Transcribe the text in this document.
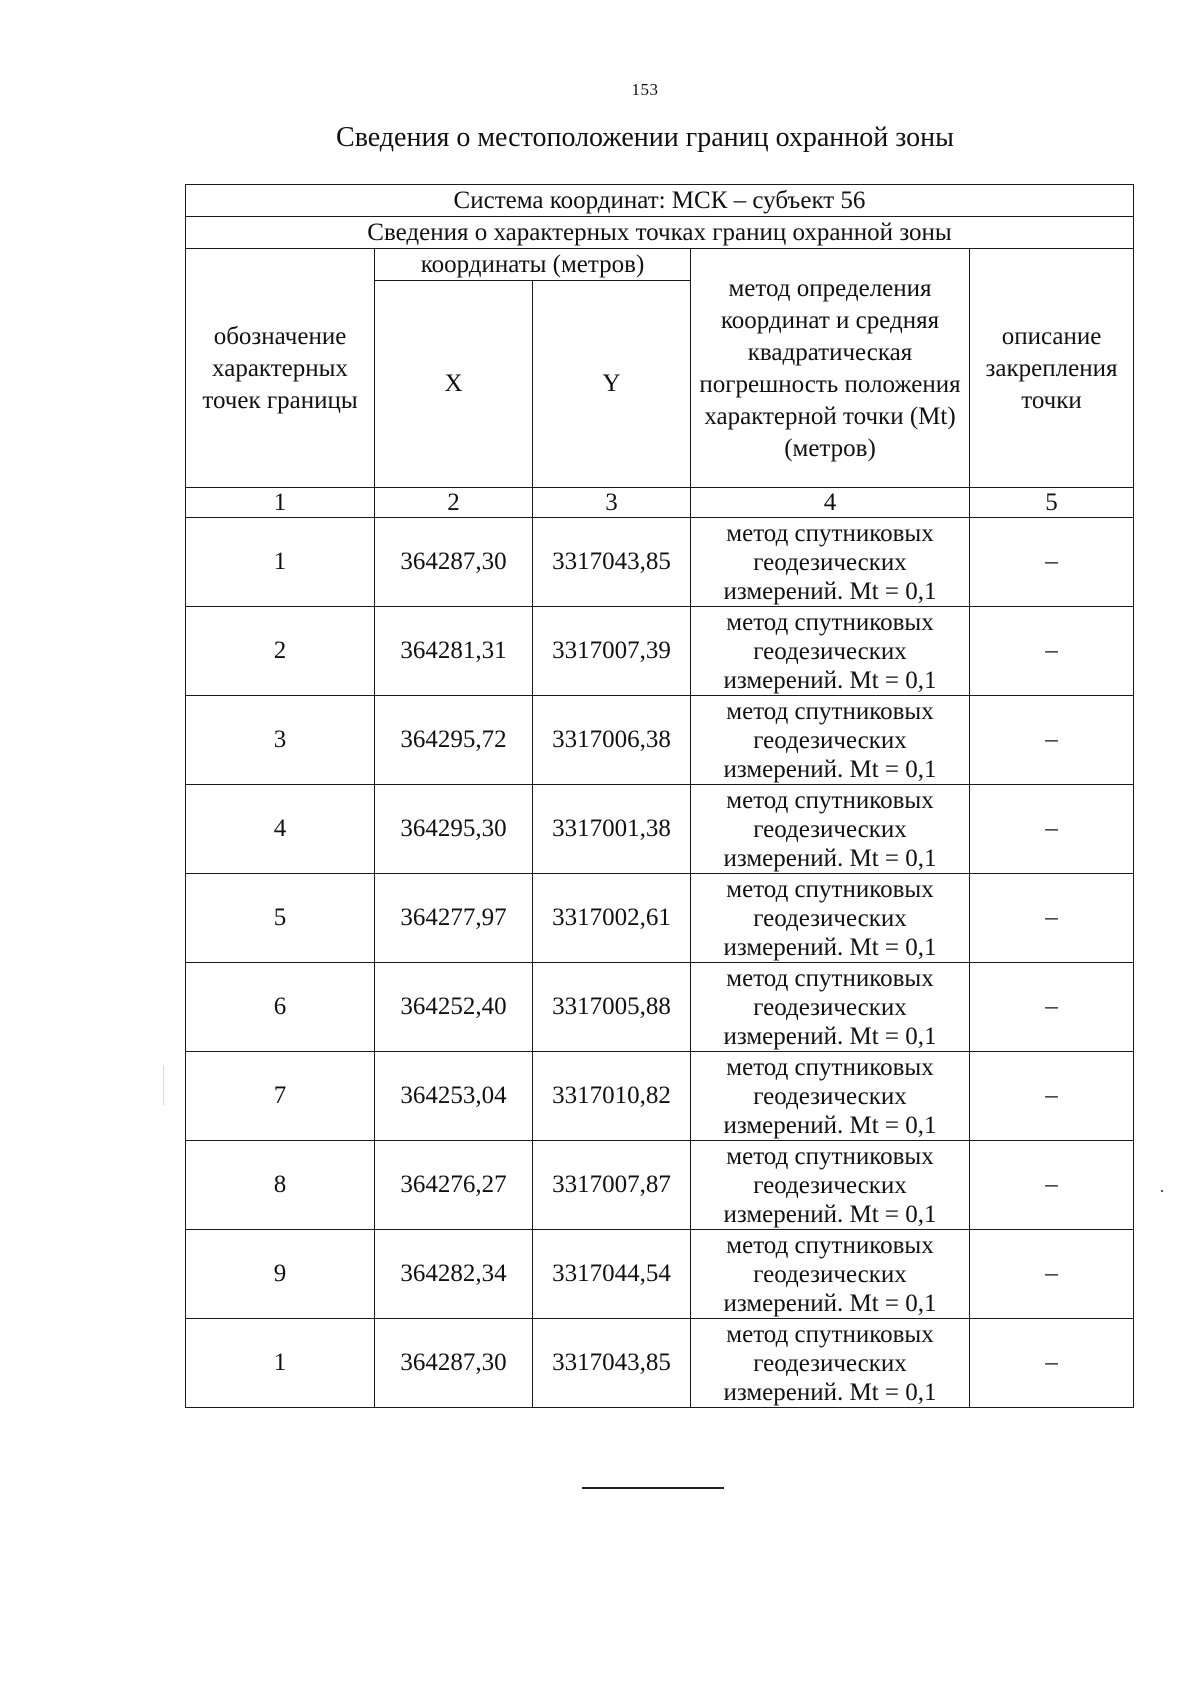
153
Сведения о местоположении границ охранной зоны
Система координат: МСК – субъект 56				
Сведения о характерных точках границ охранной зоны				

обозначение характерных точек границы	координаты (метров)		метод определения координат и средняя квадратическая погрешность положения характерной точки (Mt) (метров)	описание закрепления точки

	X	Y		
1	2	3	4	5
1	364287,30	3317043,85	метод спутниковых геодезических измерений. Mt = 0,1	–
2	364281,31	3317007,39	метод спутниковых геодезических измерений. Mt = 0,1	–
3	364295,72	3317006,38	метод спутниковых геодезических измерений. Mt = 0,1	–
4	364295,30	3317001,38	метод спутниковых геодезических измерений. Mt = 0,1	–
5	364277,97	3317002,61	метод спутниковых геодезических измерений. Mt = 0,1	–
6	364252,40	3317005,88	метод спутниковых геодезических измерений. Mt = 0,1	–
7	364253,04	3317010,82	метод спутниковых геодезических измерений. Mt = 0,1	–
8	364276,27	3317007,87	метод спутниковых геодезических измерений. Mt = 0,1	–
9	364282,34	3317044,54	метод спутниковых геодезических измерений. Mt = 0,1	–
1	364287,30	3317043,85	метод спутниковых геодезических измерений. Mt = 0,1	–
